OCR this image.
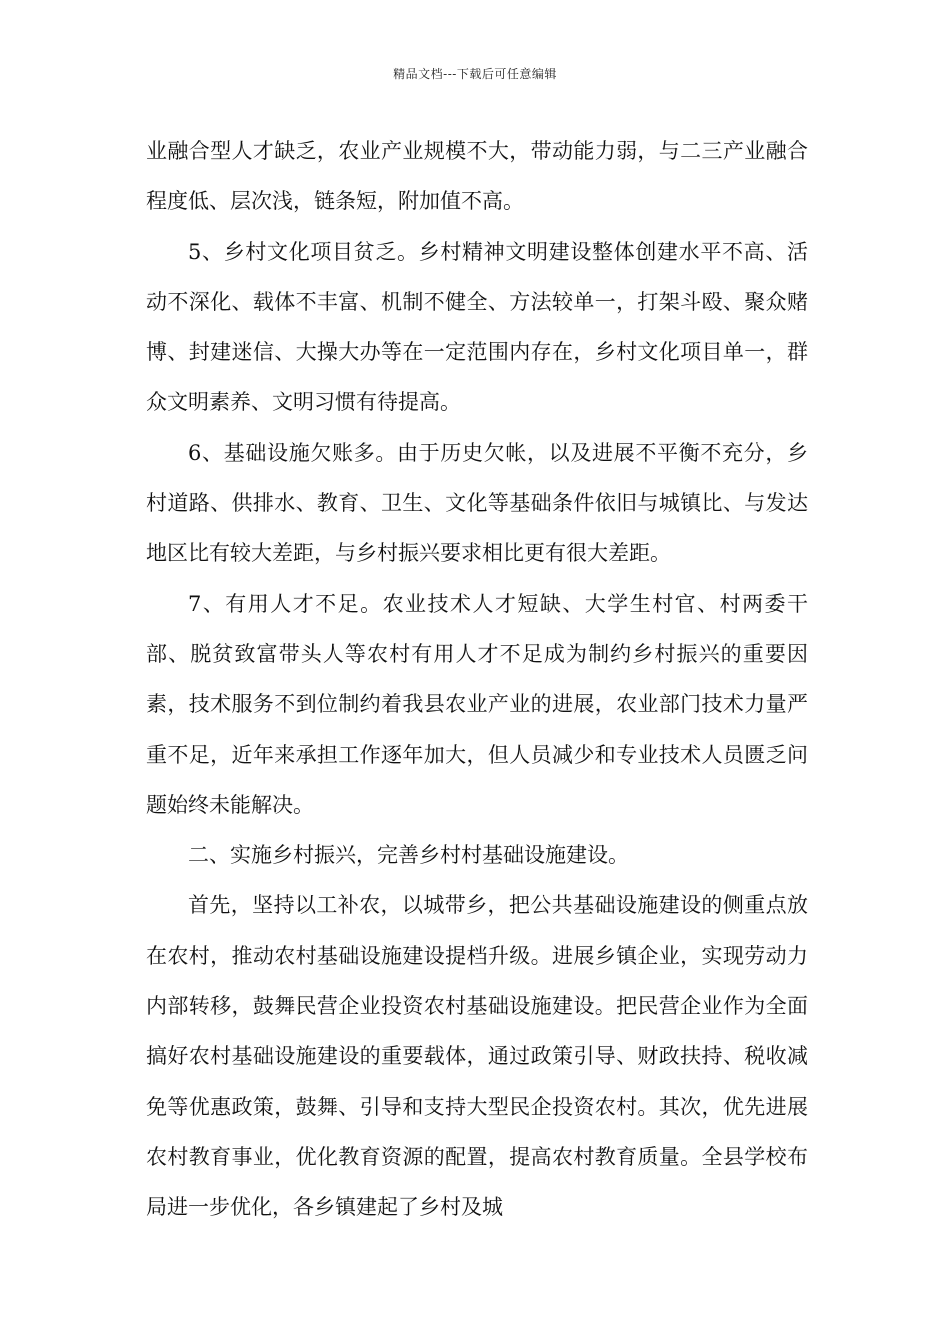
精品文档---下载后可任意编辑

业融合型人才缺乏，农业产业规模不大，带动能力弱，与二三产业融合程度低、层次浅，链条短，附加值不高。

5、乡村文化项目贫乏。乡村精神文明建设整体创建水平不高、活动不深化、载体不丰富、机制不健全、方法较单一，打架斗殴、聚众赌博、封建迷信、大操大办等在一定范围内存在，乡村文化项目单一，群众文明素养、文明习惯有待提高。

6、基础设施欠账多。由于历史欠帐，以及进展不平衡不充分，乡村道路、供排水、教育、卫生、文化等基础条件依旧与城镇比、与发达地区比有较大差距，与乡村振兴要求相比更有很大差距。

7、有用人才不足。农业技术人才短缺、大学生村官、村两委干部、脱贫致富带头人等农村有用人才不足成为制约乡村振兴的重要因素，技术服务不到位制约着我县农业产业的进展，农业部门技术力量严重不足，近年来承担工作逐年加大，但人员减少和专业技术人员匮乏问题始终未能解决。

二、实施乡村振兴，完善乡村村基础设施建设。

首先，坚持以工补农，以城带乡，把公共基础设施建设的侧重点放在农村，推动农村基础设施建设提档升级。进展乡镇企业，实现劳动力内部转移，鼓舞民营企业投资农村基础设施建设。把民营企业作为全面搞好农村基础设施建设的重要载体，通过政策引导、财政扶持、税收减免等优惠政策，鼓舞、引导和支持大型民企投资农村。其次，优先进展农村教育事业，优化教育资源的配置，提高农村教育质量。全县学校布局进一步优化，各乡镇建起了乡村及城
